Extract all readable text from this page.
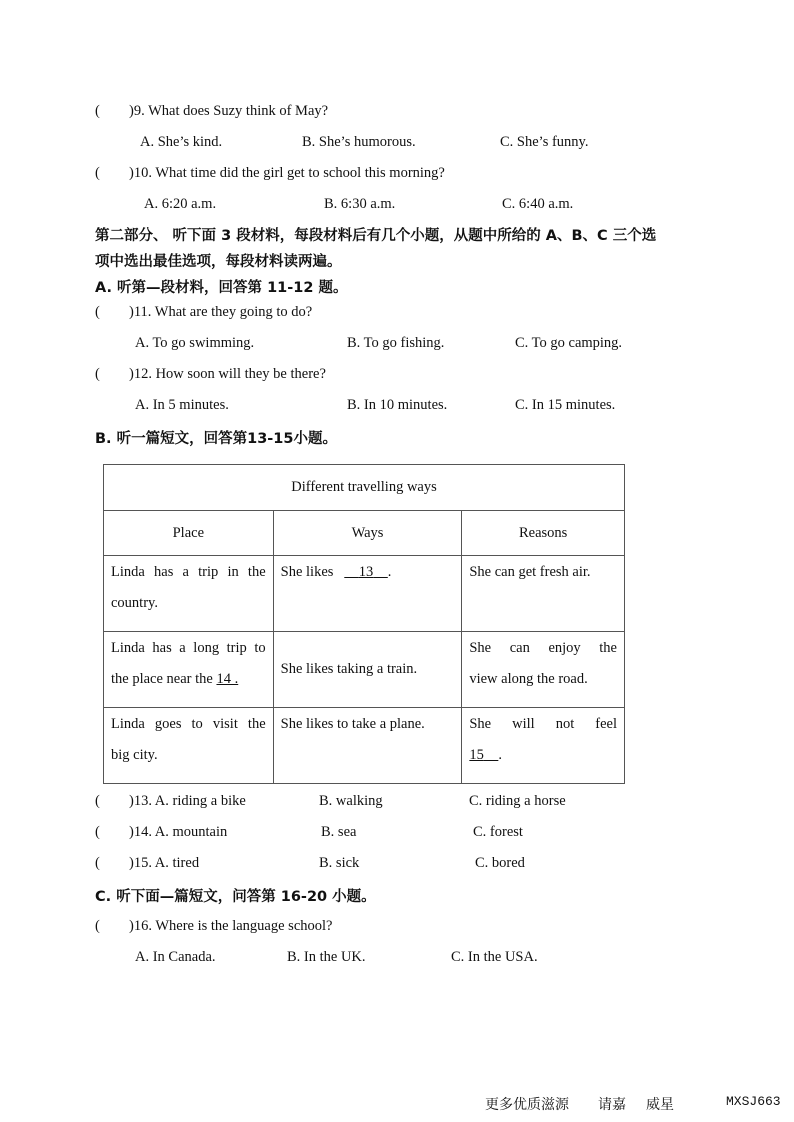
( )9. What does Suzy think of May?
A. She’s kind.	B. She’s humorous.	C. She’s funny.
( )10. What time did the girl get to school this morning?
A. 6:20 a.m.	B. 6:30 a.m.	C. 6:40 a.m.
第二部分、 听下面 3 段材料，每段材料后有几个小题，从题中所给的 A、B、C 三个选
项中选出最佳选项，每段材料读两遍。
A. 听第—段材料，回答第 11-12 题。
( )11. What are they going to do?
A. To go swimming.	B. To go fishing.	C. To go camping.
( )12. How soon will they be there?
A. In 5 minutes.	B. In 10 minutes.	C. In 15 minutes.
B. 听一篇短文，回答第13-15小题。
Different travelling ways		
Place	Ways	Reasons

Linda has a trip in the
country.	She likes 13 .	She can get fresh air.

Linda has a long trip to
the place near the 14 .	She likes taking a train.	She can enjoy the
view along the road.

Linda goes to visit the
big city.	She likes to take a plane.	She will not feel
15 .
( )13. A. riding a bike	B. walking	C. riding a horse
( )14. A. mountain	B. sea	C. forest
( )15. A. tired	B. sick	C. bored
C. 听下面—篇短文，问答第 16-20 小题。
( )16. Where is the language school?
A. In Canada.	B. In the UK.	C. In the USA.
更多优质滋源 请嘉 威星	MXSJ663
